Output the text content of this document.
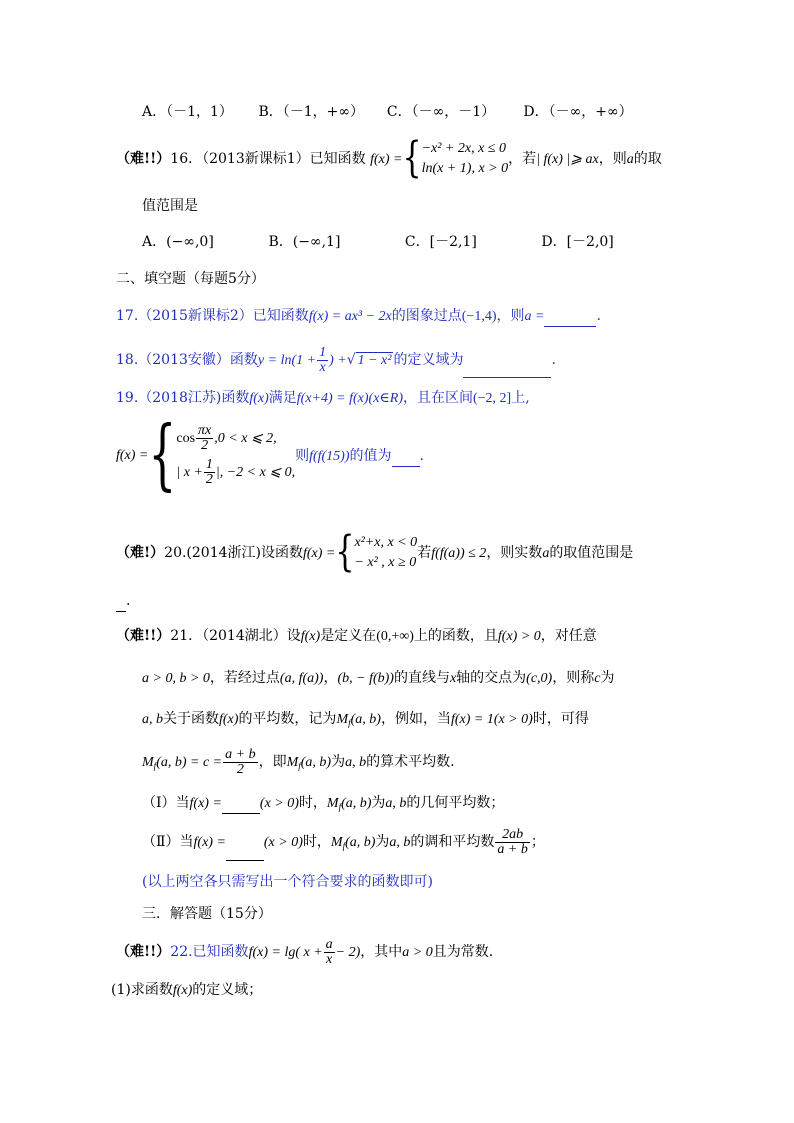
A．（－1，1） B．（－1，+∞） C．（－∞，－1） D．（－∞，+∞）
（难!!）16．（2013新课标1）已知函数 f(x) ={ −x² + 2x, x ≤ 0
ln(x + 1), x > 0
，若| f(x) |⩾ ax，则a的取
值范围是
A．(−∞,0]	B．(−∞,1]	C．[－2,1]	D．[－2,0]
二、填空题（每题5分）
17.（2015新课标2）已知函数f(x) = ax³ − 2x的图象过点(−1,4)，则a =	.
18.（2013安徽）函数$y = \ln(1 + \frac{1}{x}$ ) +√ 1 − x² 的定义域为	.
19.（2018江苏)函数f(x)满足f(x+4) = f(x)(x∈R)，且在区间(−2, 2]上,
f(x) ={ $\cos \frac{\pi x}{2} ,0 < x$ ⩽ 2,
| $x + \frac{1}{2}$ |, −2 < x ⩽ 0,
则f(f(15))的值为 .
（难!）20.(2014浙江)设函数f(x) ={ x²+x, x < 0
− x² , x ≥ 0
若f(f(a)) ≤ 2，则实数a的取值范围是
.
（难!!）21．（2014湖北）设f(x)是定义在(0,+∞)上的函数，且f(x) > 0，对任意
a > 0, b > 0，若经过点(a, f(a))，(b, − f(b))的直线与x轴的交点为(c,0)，则称c为
a, b关于函数f(x)的平均数，记为$M_f(a$, b)，例如，当f(x) = 1(x > 0)时，可得
$M_f(a$, $b) = c = \frac{a + b}{2}$ ，即$M_f(a$, b)为a, b的算术平均数.
（Ⅰ）当f(x) =	(x > 0)时，$M_f(a$, b)为a, b的几何平均数；
（Ⅱ）当f(x) =	(x > 0)时，$M_f(a$, b)为a, b的调和平均数 $\frac{2ab}{a + b}$ ；
(以上两空各只需写出一个符合要求的函数即可)
三．解答题（15分）
（难!!）22.已知函数f(x) = lg( $x + \frac{a}{x} - 2$)，其中a > 0且为常数.
(1)求函数f(x)的定义域；
